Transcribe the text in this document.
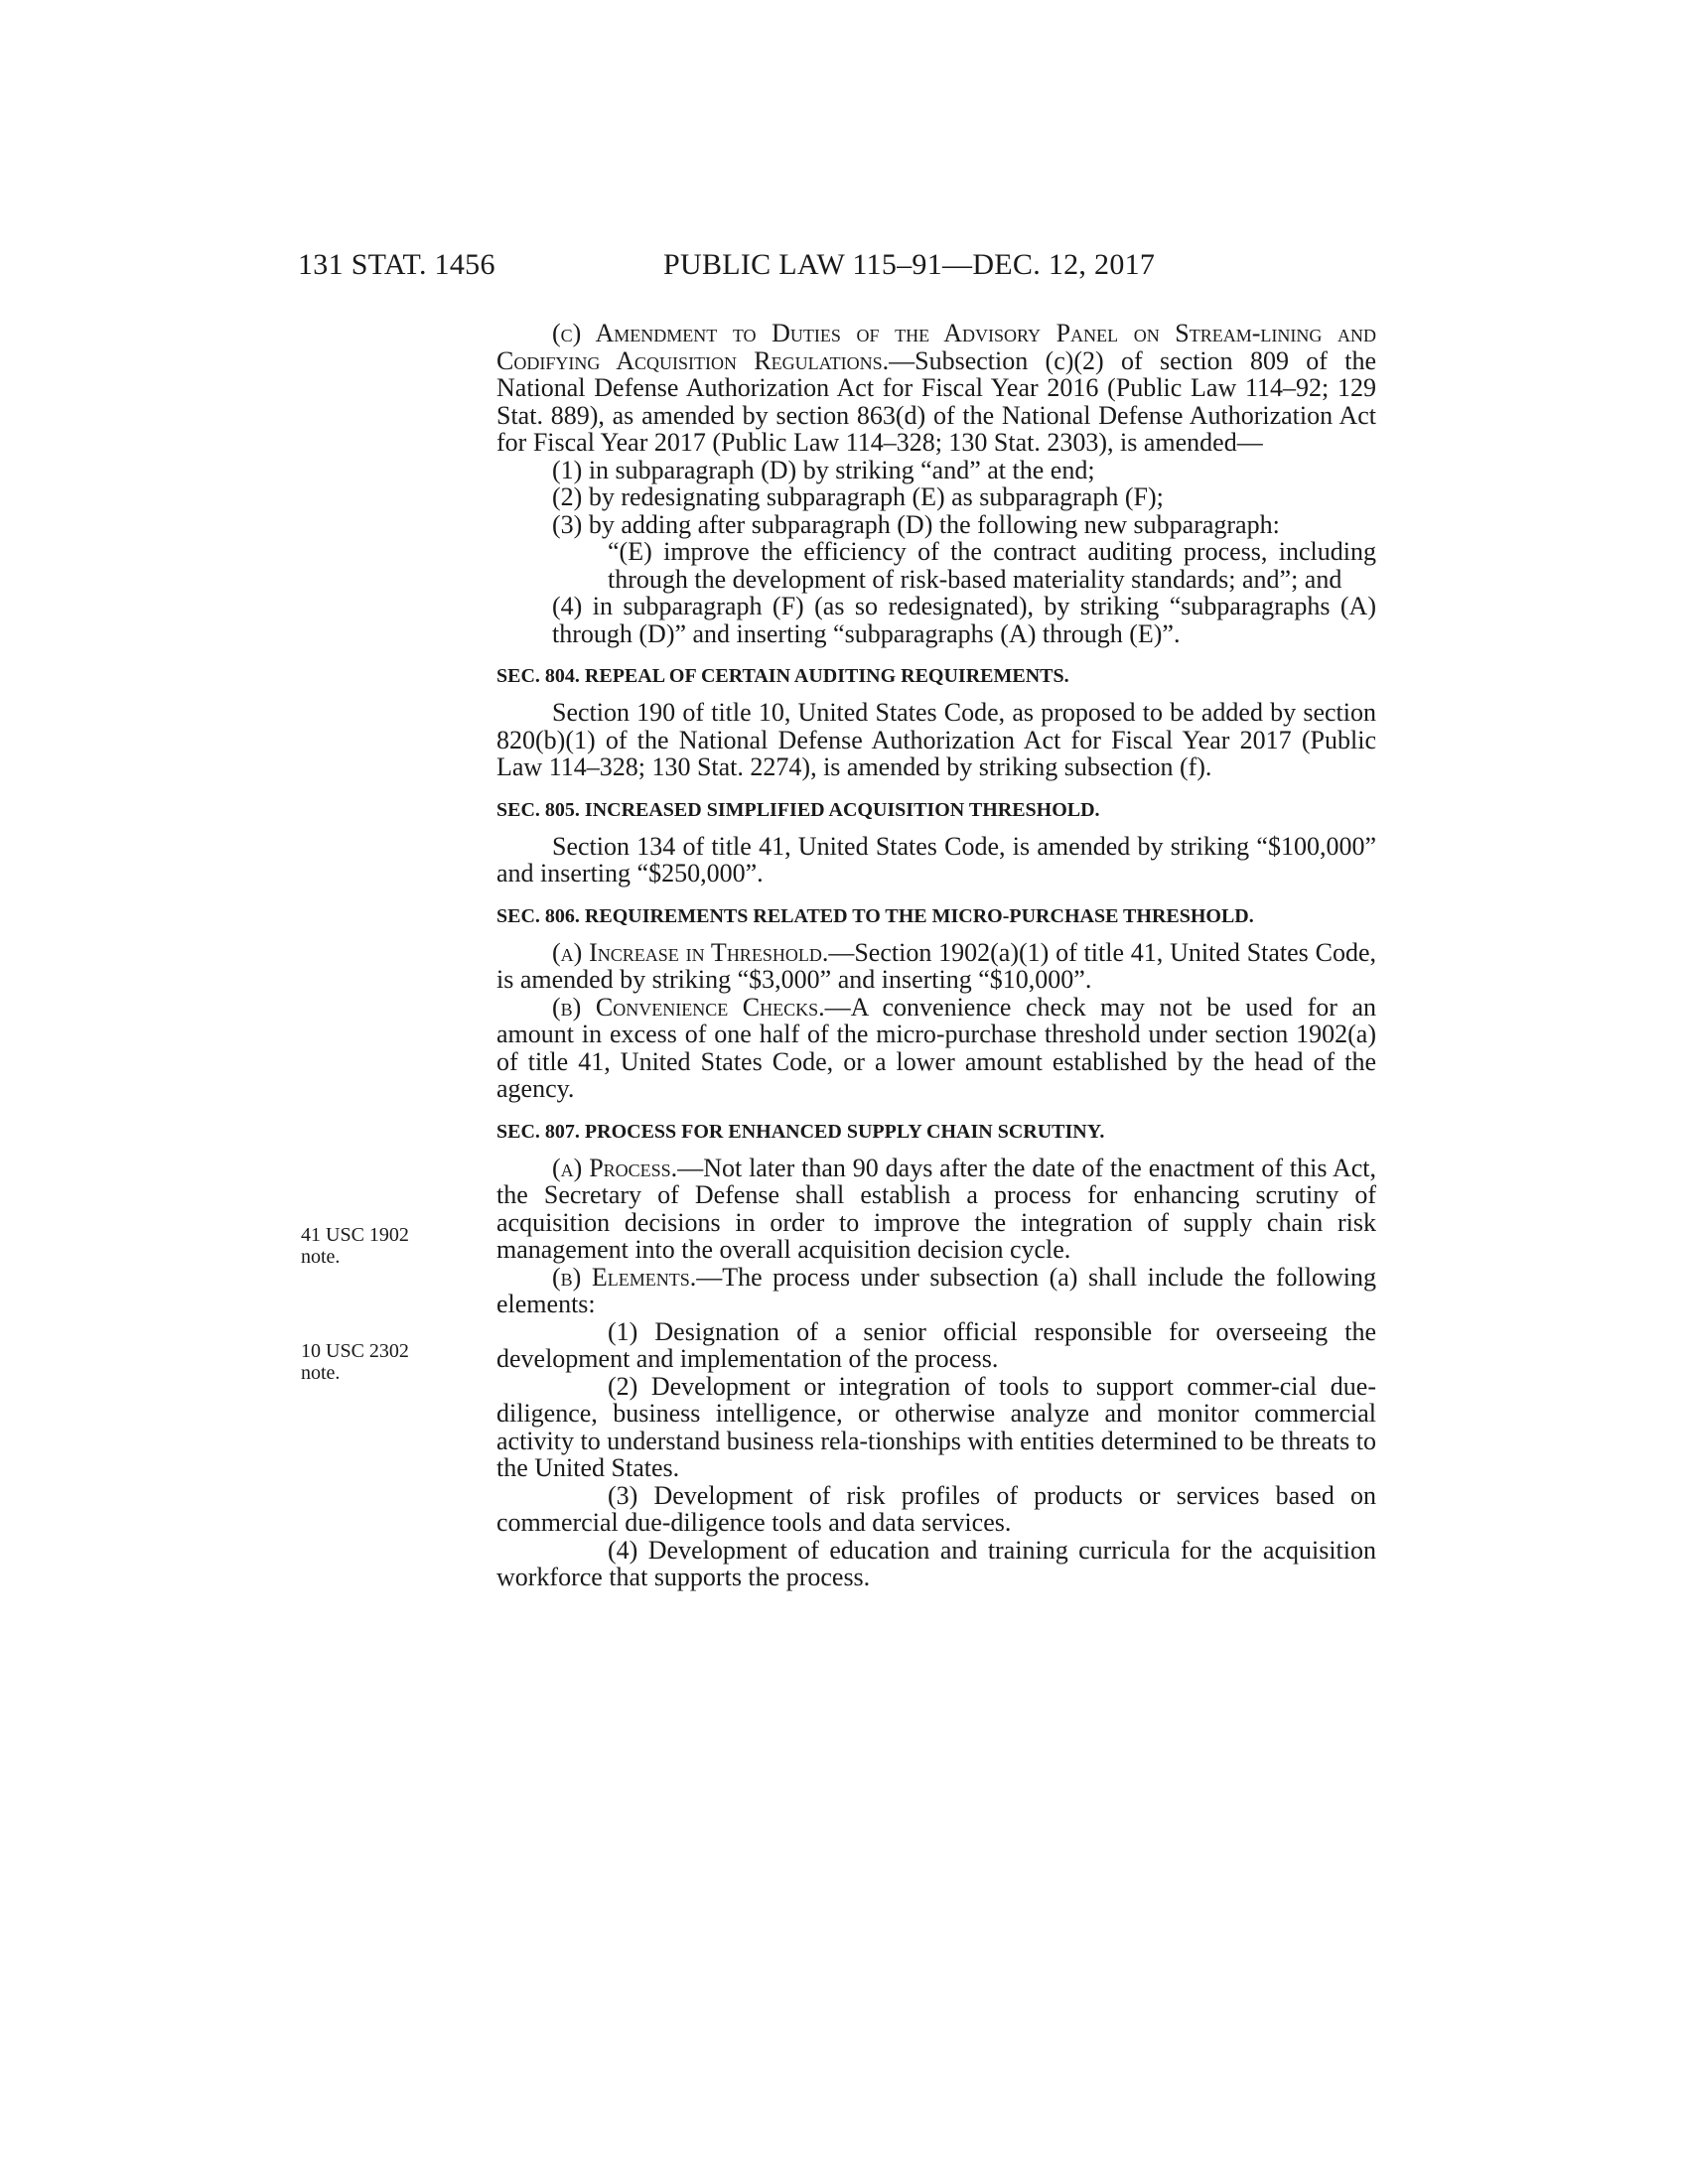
131 STAT. 1456	PUBLIC LAW 115–91—DEC. 12, 2017
41 USC 1902
note.
10 USC 2302
note.

(c) Amendment to Duties of the Advisory Panel on Stream-lining and Codifying Acquisition Regulations.—Subsection (c)(2) of section 809 of the National Defense Authorization Act for Fiscal Year 2016 (Public Law 114–92; 129 Stat. 889), as amended by section 863(d) of the National Defense Authorization Act for Fiscal Year 2017 (Public Law 114–328; 130 Stat. 2303), is amended—

(1) in subparagraph (D) by striking “and” at the end;

(2) by redesignating subparagraph (E) as subparagraph (F);

(3) by adding after subparagraph (D) the following new subparagraph:

“(E) improve the efficiency of the contract auditing process, including through the development of risk-based materiality standards; and”; and

(4) in subparagraph (F) (as so redesignated), by striking “subparagraphs (A) through (D)” and inserting “subparagraphs (A) through (E)”.

SEC. 804. REPEAL OF CERTAIN AUDITING REQUIREMENTS.

Section 190 of title 10, United States Code, as proposed to be added by section 820(b)(1) of the National Defense Authorization Act for Fiscal Year 2017 (Public Law 114–328; 130 Stat. 2274), is amended by striking subsection (f).

SEC. 805. INCREASED SIMPLIFIED ACQUISITION THRESHOLD.

Section 134 of title 41, United States Code, is amended by striking “$100,000” and inserting “$250,000”.

SEC. 806. REQUIREMENTS RELATED TO THE MICRO-PURCHASE THRESHOLD.

(a) Increase in Threshold.—Section 1902(a)(1) of title 41, United States Code, is amended by striking “$3,000” and inserting “$10,000”.

(b) Convenience Checks.—A convenience check may not be used for an amount in excess of one half of the micro-purchase threshold under section 1902(a) of title 41, United States Code, or a lower amount established by the head of the agency.

SEC. 807. PROCESS FOR ENHANCED SUPPLY CHAIN SCRUTINY.

(a) Process.—Not later than 90 days after the date of the enactment of this Act, the Secretary of Defense shall establish a process for enhancing scrutiny of acquisition decisions in order to improve the integration of supply chain risk management into the overall acquisition decision cycle.

(b) Elements.—The process under subsection (a) shall include the following elements:

(1) Designation of a senior official responsible for overseeing the development and implementation of the process.

(2) Development or integration of tools to support commer-cial due-diligence, business intelligence, or otherwise analyze and monitor commercial activity to understand business rela-tionships with entities determined to be threats to the United States.

(3) Development of risk profiles of products or services based on commercial due-diligence tools and data services.

(4) Development of education and training curricula for the acquisition workforce that supports the process.
